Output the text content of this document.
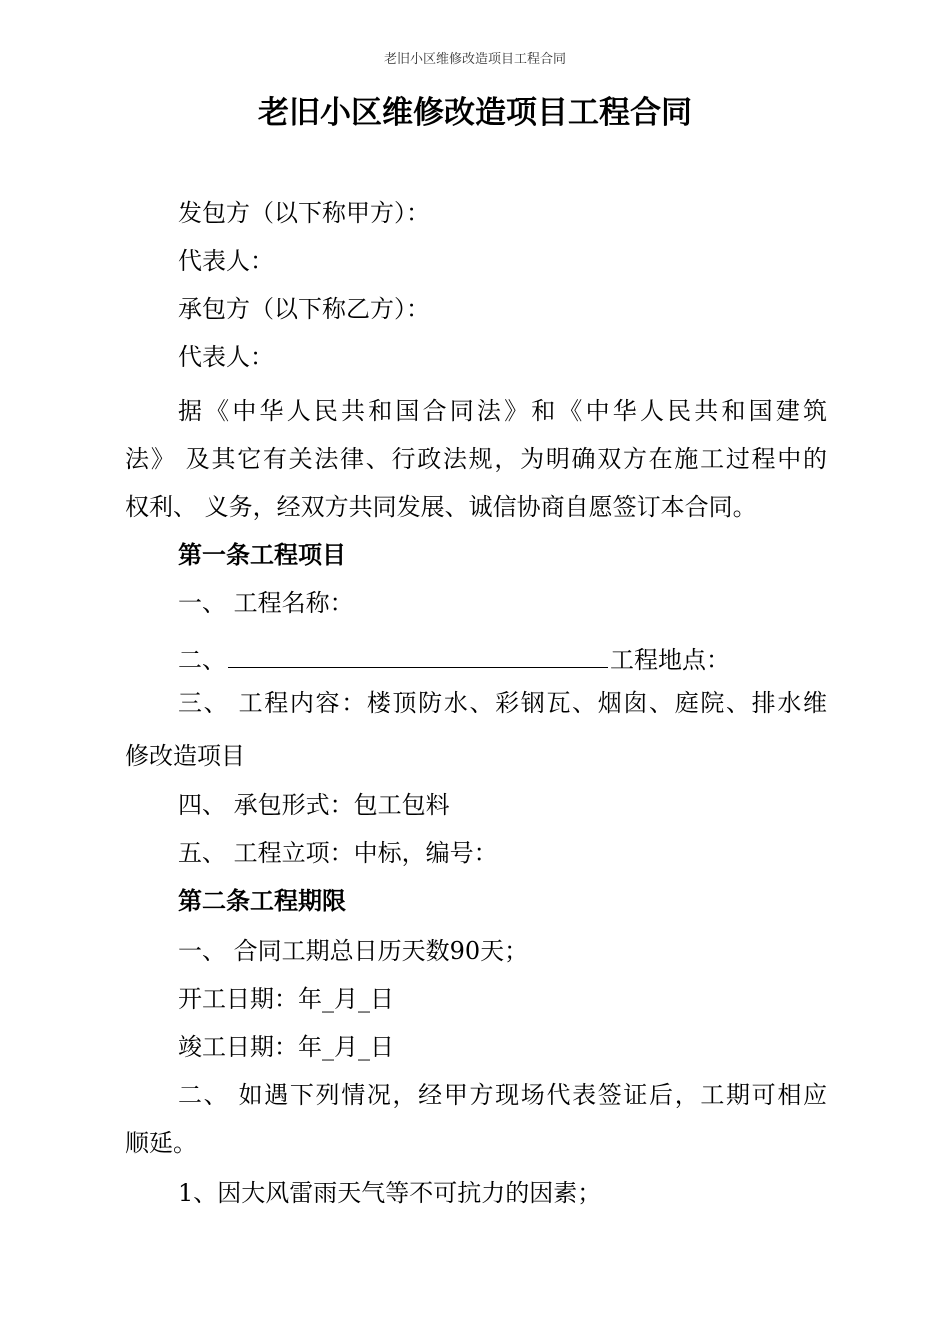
老旧小区维修改造项目工程合同
老旧小区维修改造项目工程合同

发包方（以下称甲方）：

代表人：

承包方（以下称乙方）：

代表人：

据《中华人民共和国合同法》和《中华人民共和国建筑

法》 及其它有关法律、行政法规，为明确双方在施工过程中的

权利、 义务，经双方共同发展、诚信协商自愿签订本合同。

第一条工程项目

一、 工程名称：

二、	工程地点：

三、 工程内容：楼顶防水、彩钢瓦、烟囱、庭院、排水维

修改造项目

四、 承包形式：包工包料

五、 工程立项：中标，编号：

第二条工程期限

一、 合同工期总日历天数90天；

开工日期：年_月_日

竣工日期：年_月_日

二、 如遇下列情况，经甲方现场代表签证后，工期可相应

顺延。

1、因大风雷雨天气等不可抗力的因素；
